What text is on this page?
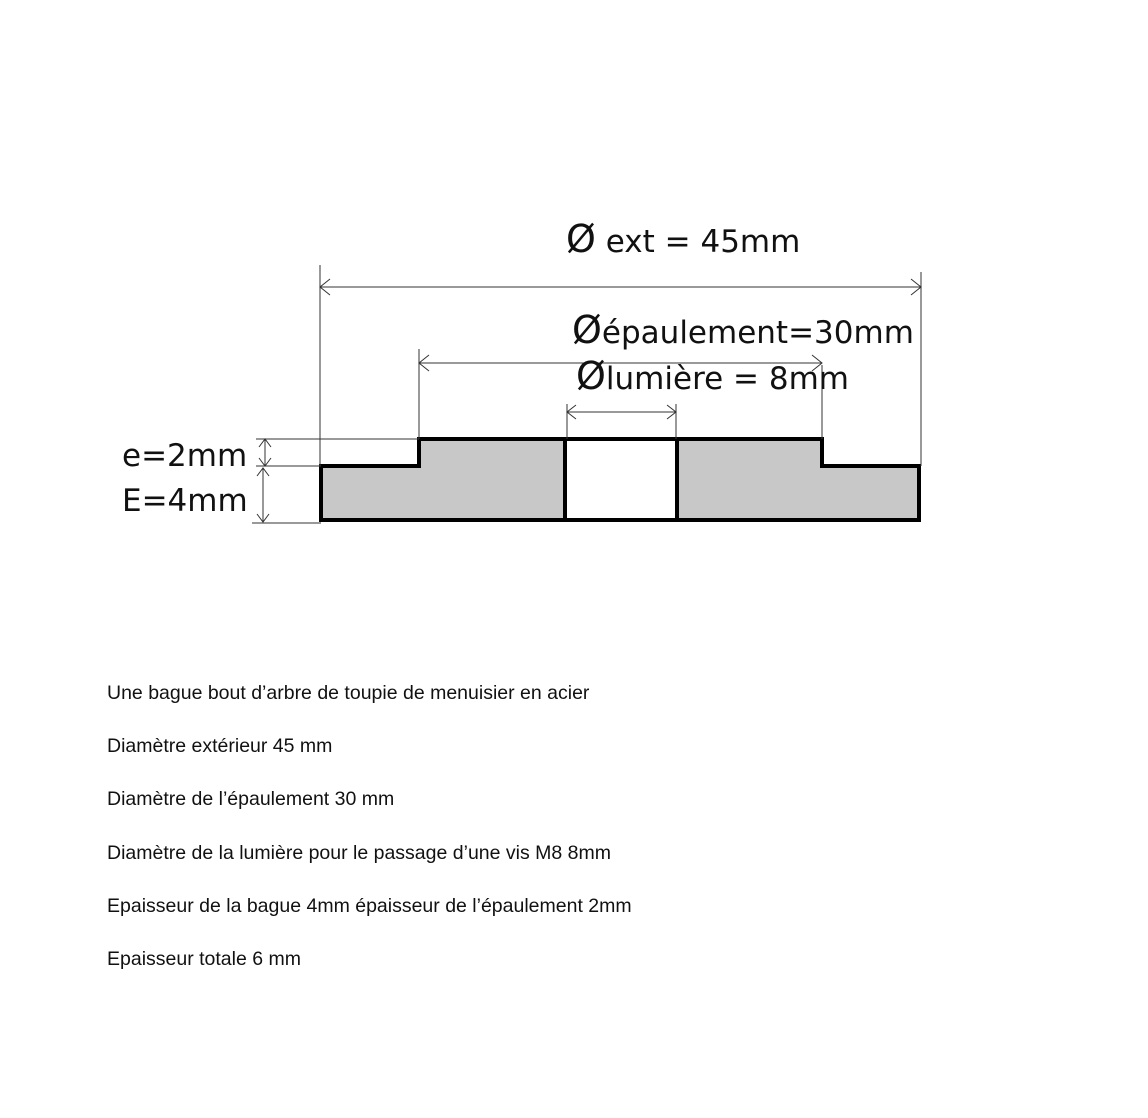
Ø ext = 45mm
Øépaulement=30mm
Ølumière = 8mm
e=2mm
E=4mm
Une bague bout d’arbre de toupie de menuisier en acier
Diamètre extérieur 45 mm
Diamètre de l’épaulement 30 mm
Diamètre de la lumière pour le passage d’une vis M8 8mm
Epaisseur de la bague 4mm épaisseur de l’épaulement 2mm
Epaisseur totale 6 mm
